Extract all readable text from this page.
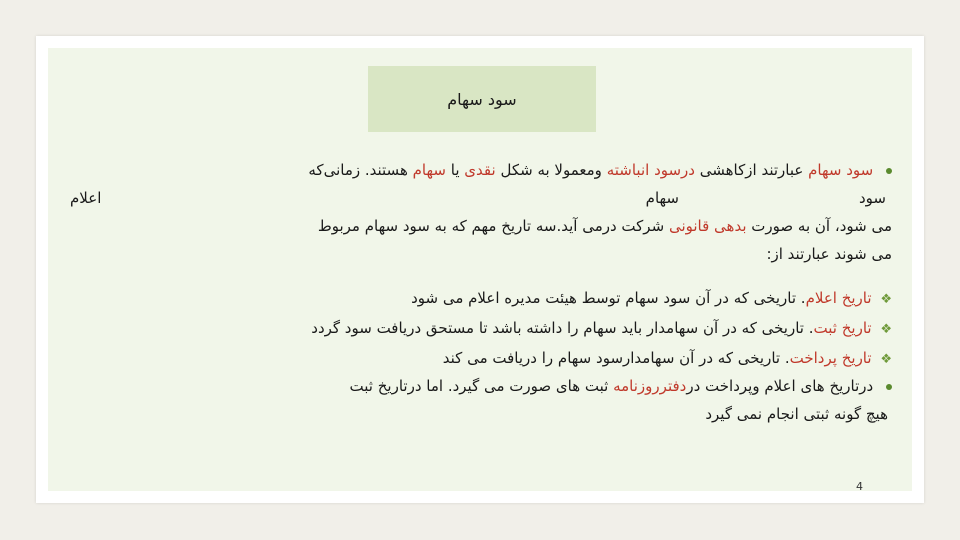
سود سهام
سود سهام عبارتند ازکاهشی درسود انباشته ومعمولا به شکل نقدی یا سهام هستند. زمانی‌که
سود
سهام
اعلام
می شود، آن به صورت بدهی قانونی شرکت درمی آید.سه تاریخ مهم که به سود سهام مربوط
می شوند عبارتند از:
❖ تاریخ اعلام. تاریخی که در آن سود سهام توسط هیئت مدیره اعلام می شود
❖ تاریخ ثبت. تاریخی که در آن سهامدار باید سهام را داشته باشد تا مستحق دریافت سود گردد
❖ تاریخ پرداخت. تاریخی که در آن سهامدارسود سهام را دریافت می کند
درتاریخ های اعلام وپرداخت دردفترروزنامه ثبت های صورت می گیرد. اما درتاریخ ثبت
هیچ گونه ثبتی انجام نمی گیرد
4
